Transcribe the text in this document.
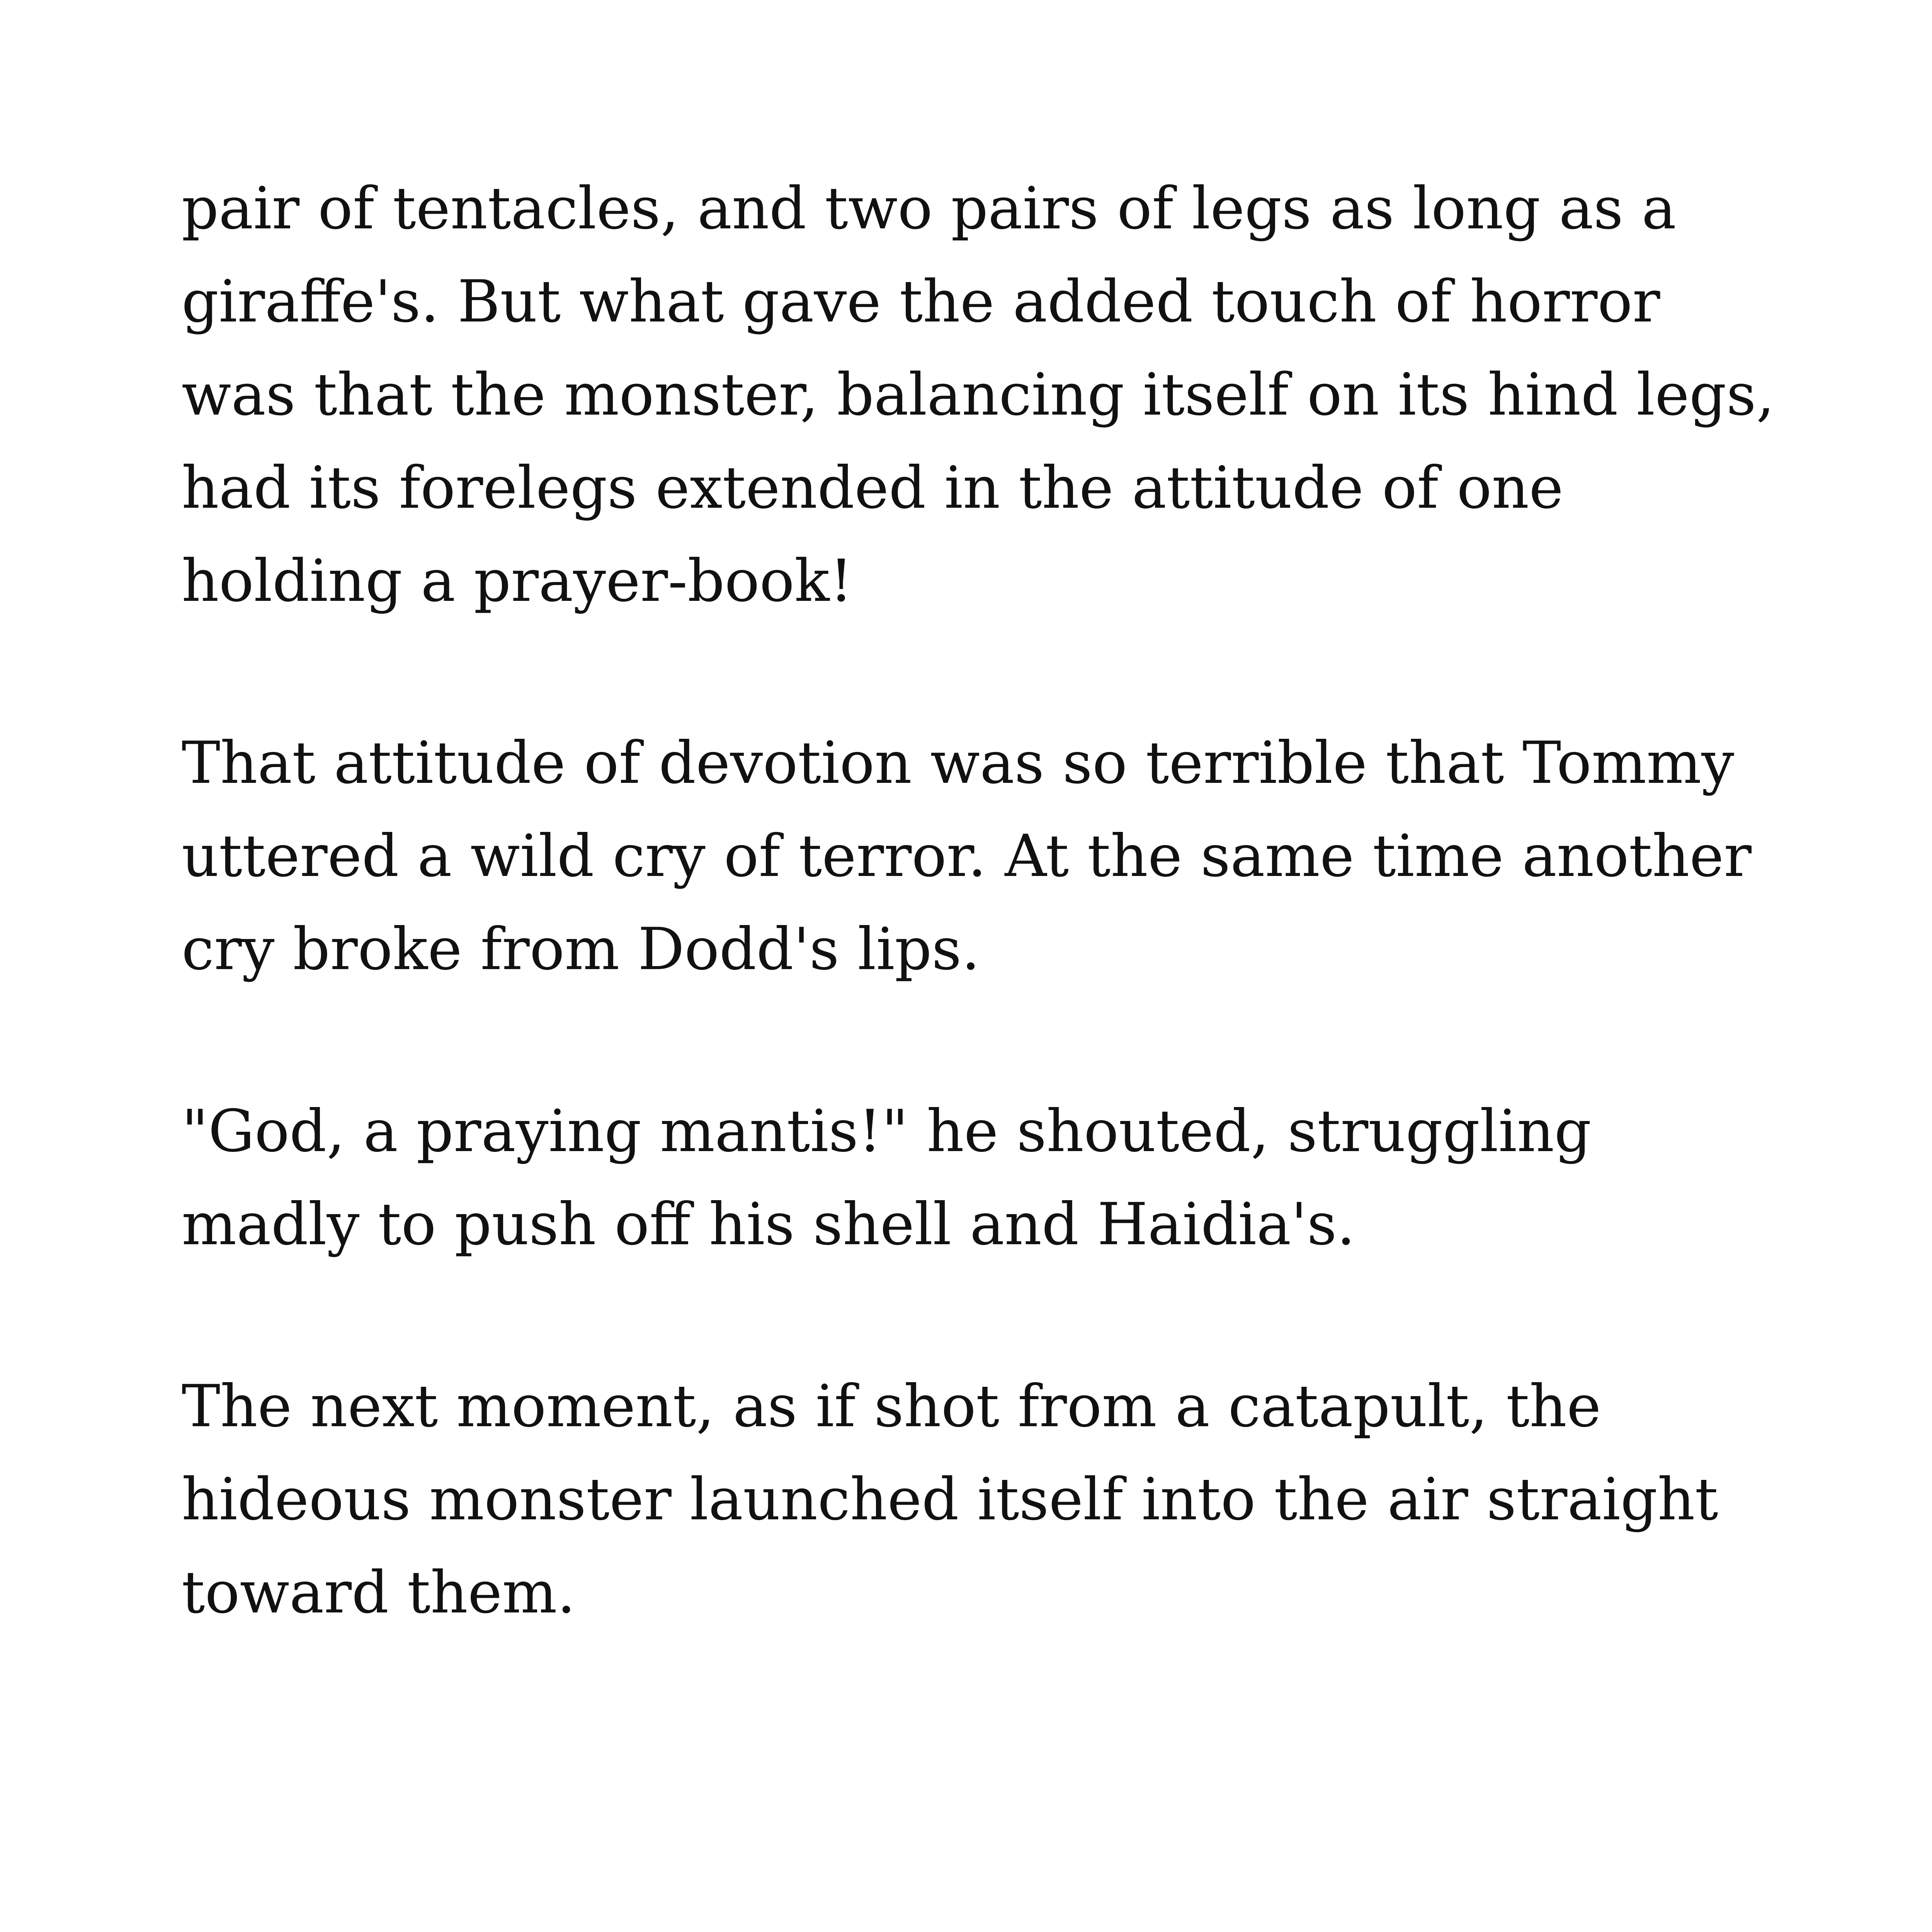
pair of tentacles, and two pairs of legs as long as a
giraffe's. But what gave the added touch of horror
was that the monster, balancing itself on its hind legs,
had its forelegs extended in the attitude of one
holding a prayer-book!

That attitude of devotion was so terrible that Tommy
uttered a wild cry of terror. At the same time another
cry broke from Dodd's lips.

"God, a praying mantis!" he shouted, struggling
madly to push off his shell and Haidia's.

The next moment, as if shot from a catapult, the
hideous monster launched itself into the air straight
toward them.
